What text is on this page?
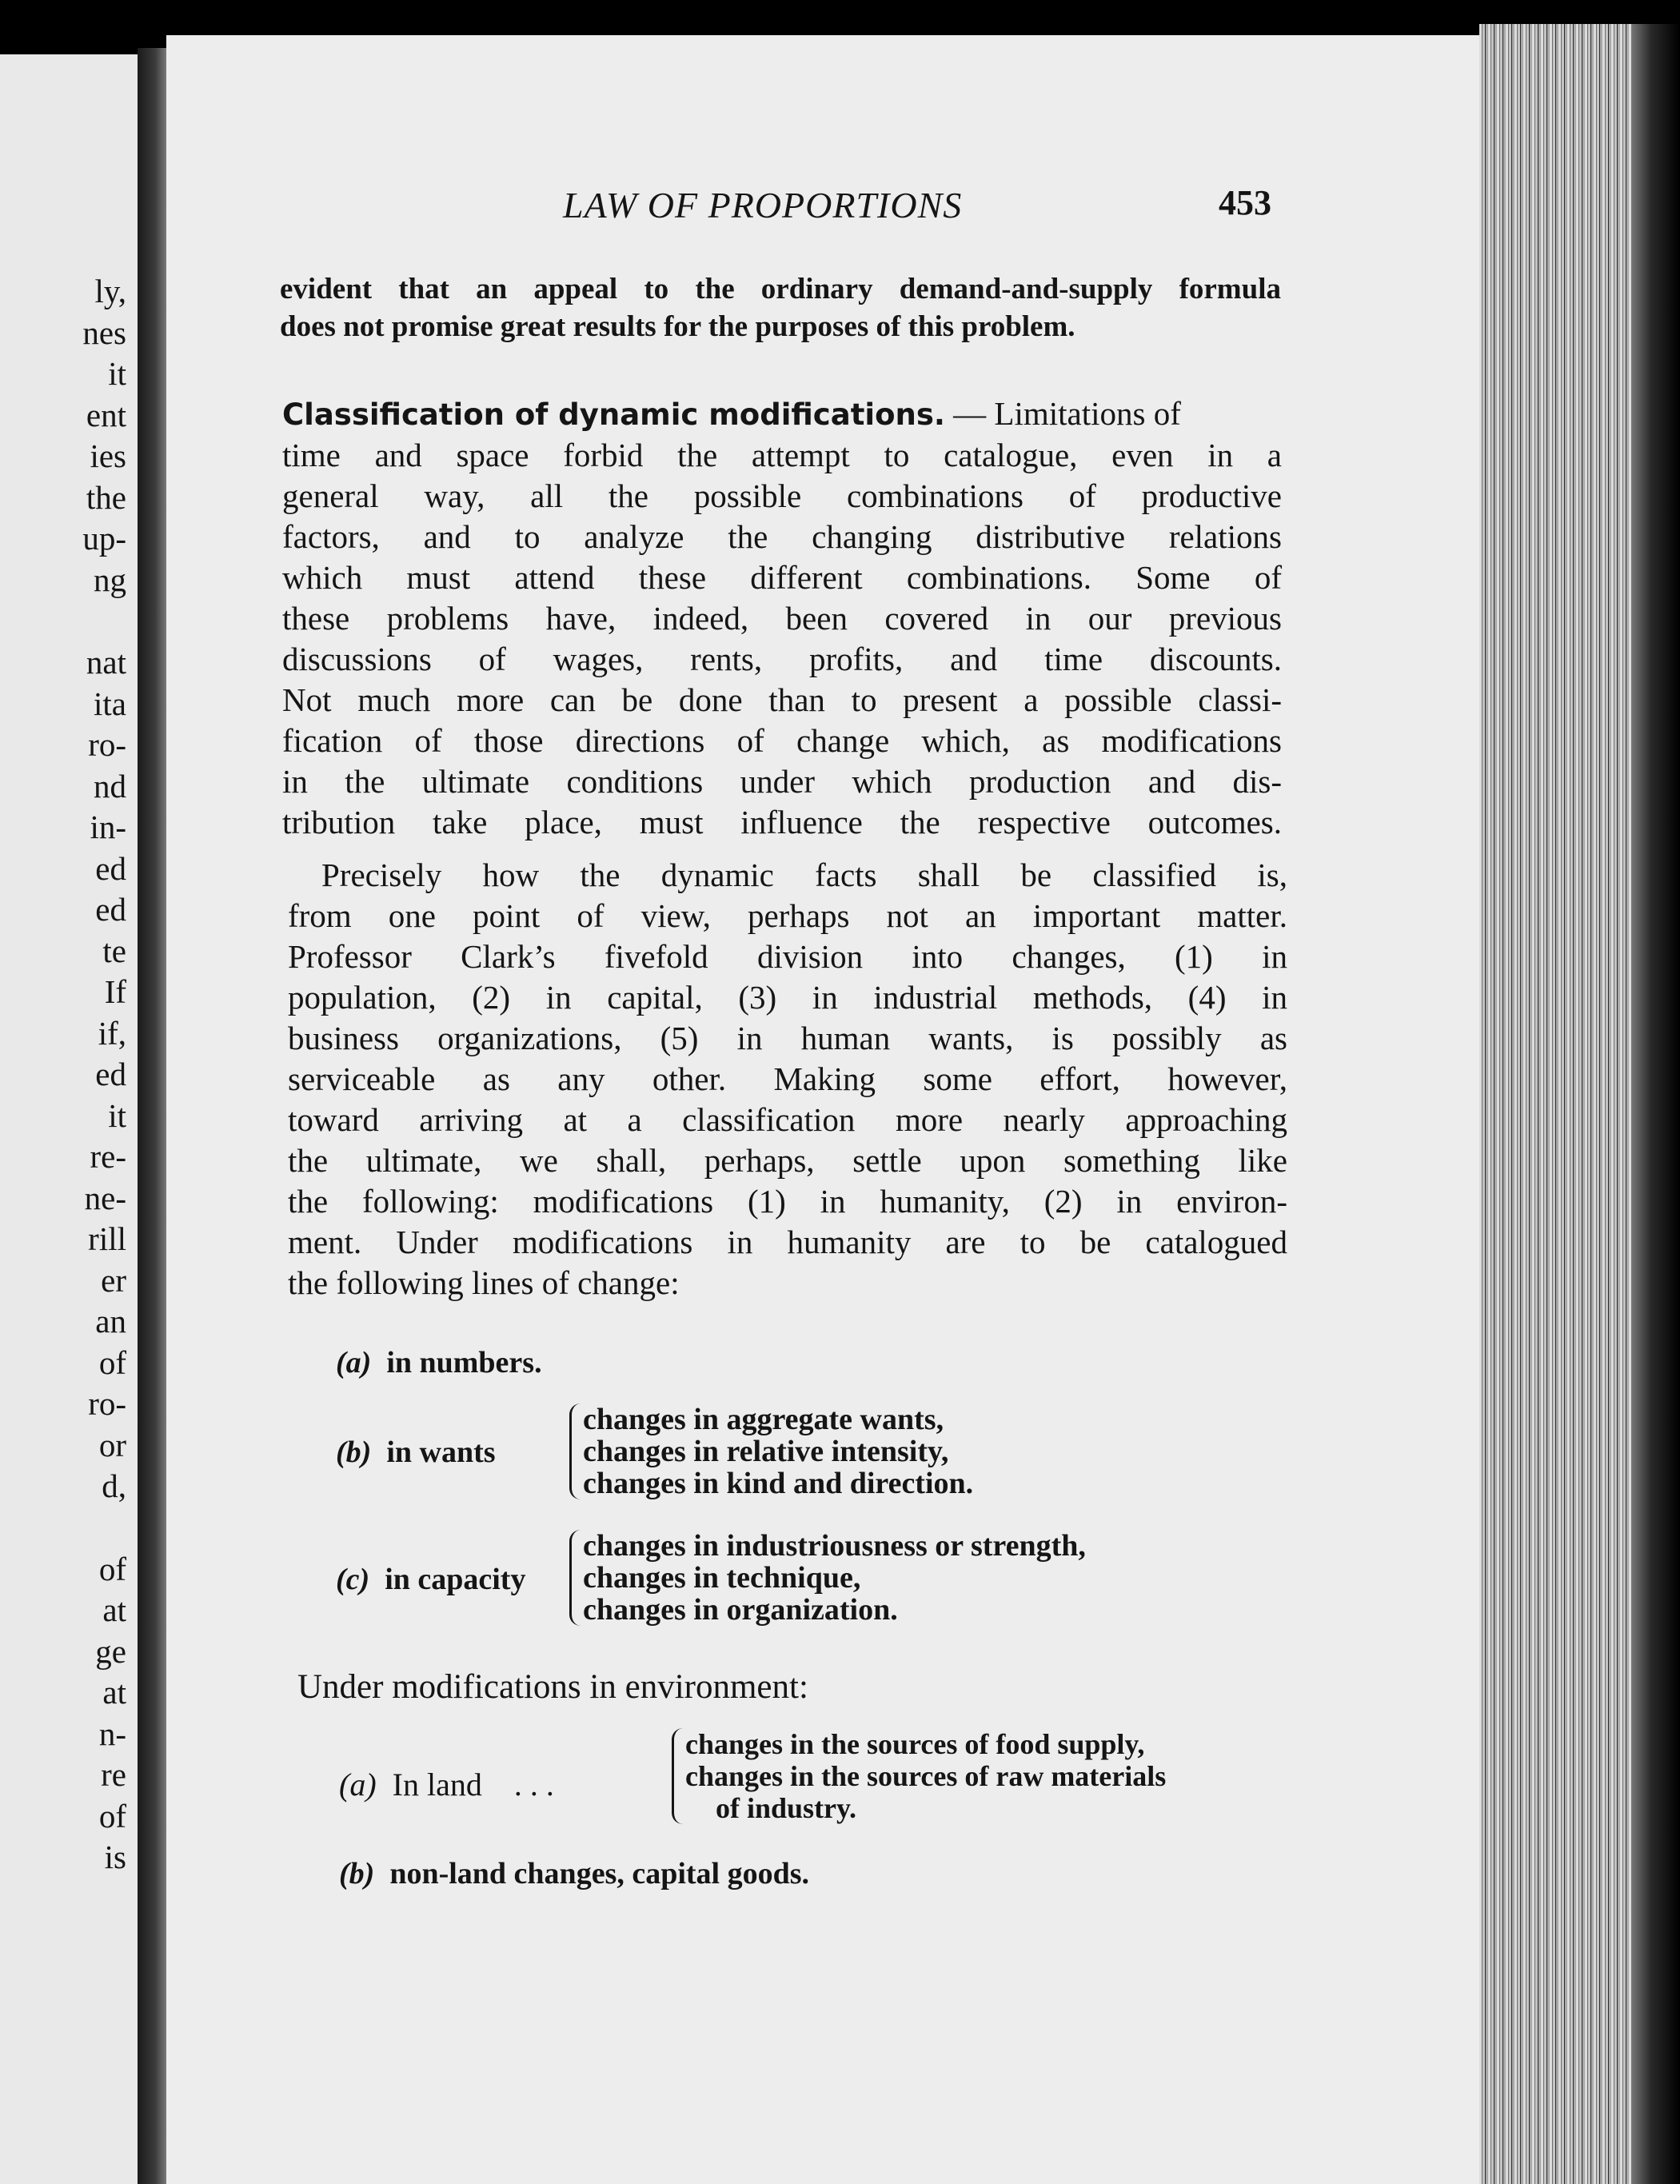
ly,
nes
it
ent
ies
the
up-
ng
nat
ita
ro-
nd
in-
ed
ed
te
If
if,
ed
it
re-
ne-
rill
er
an
of
ro-
or
d,
of
at
ge
at
n-
re
of
is
LAW OF PROPORTIONS	453
evident that an appeal to the ordinary demand-and-supply formula
does not promise great results for the purposes of this problem.
Classification of dynamic modifications. — Limitations of
time and space forbid the attempt to catalogue, even in a
general way, all the possible combinations of productive
factors, and to analyze the changing distributive relations
which must attend these different combinations. Some of
these problems have, indeed, been covered in our previous
discussions of wages, rents, profits, and time discounts.
Not much more can be done than to present a possible classi-
fication of those directions of change which, as modifications
in the ultimate conditions under which production and dis-
tribution take place, must influence the respective outcomes.
Precisely how the dynamic facts shall be classified is,
from one point of view, perhaps not an important matter.
Professor Clark’s fivefold division into changes, (1) in
population, (2) in capital, (3) in industrial methods, (4) in
business organizations, (5) in human wants, is possibly as
serviceable as any other. Making some effort, however,
toward arriving at a classification more nearly approaching
the ultimate, we shall, perhaps, settle upon something like
the following: modifications (1) in humanity, (2) in environ-
ment. Under modifications in humanity are to be catalogued
the following lines of change:
(a) in numbers.
(b) in wants
changes in aggregate wants,
changes in relative intensity,
changes in kind and direction.
(c) in capacity
changes in industriousness or strength,
changes in technique,
changes in organization.
Under modifications in environment:
(a) In land . . .
changes in the sources of food supply,
changes in the sources of raw materials
of industry.
(b) non-land changes, capital goods.
